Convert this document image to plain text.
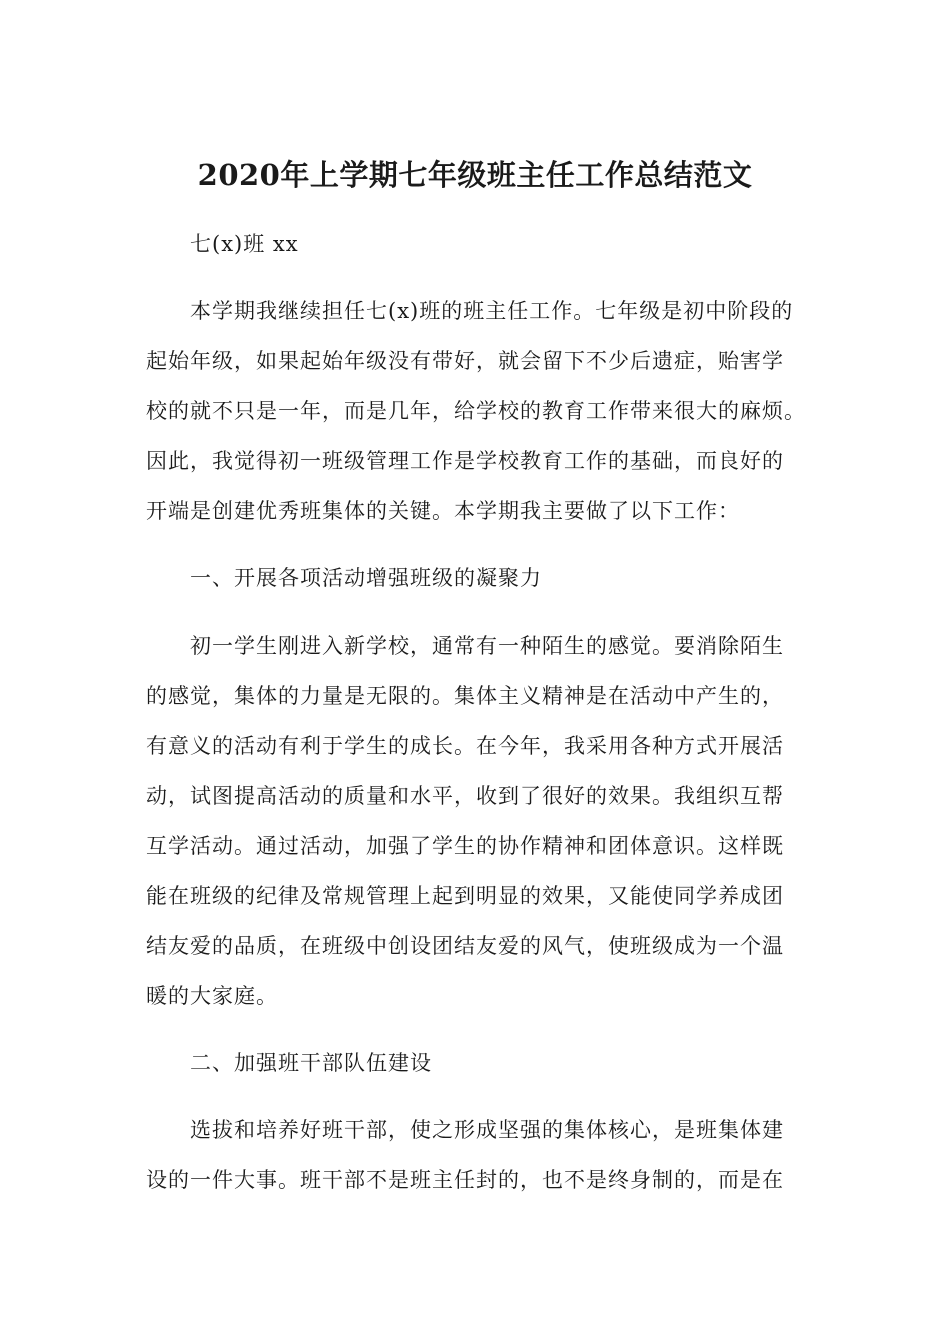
2020年上学期七年级班主任工作总结范文
七(x)班 xx
本学期我继续担任七(x)班的班主任工作。七年级是初中阶段的
起始年级，如果起始年级没有带好，就会留下不少后遗症，贻害学
校的就不只是一年，而是几年，给学校的教育工作带来很大的麻烦。
因此，我觉得初一班级管理工作是学校教育工作的基础，而良好的
开端是创建优秀班集体的关键。本学期我主要做了以下工作：
一、开展各项活动增强班级的凝聚力
初一学生刚进入新学校，通常有一种陌生的感觉。要消除陌生
的感觉，集体的力量是无限的。集体主义精神是在活动中产生的，
有意义的活动有利于学生的成长。在今年，我采用各种方式开展活
动，试图提高活动的质量和水平，收到了很好的效果。我组织互帮
互学活动。通过活动，加强了学生的协作精神和团体意识。这样既
能在班级的纪律及常规管理上起到明显的效果，又能使同学养成团
结友爱的品质，在班级中创设团结友爱的风气，使班级成为一个温
暖的大家庭。
二、加强班干部队伍建设
选拔和培养好班干部，使之形成坚强的集体核心，是班集体建
设的一件大事。班干部不是班主任封的，也不是终身制的，而是在
